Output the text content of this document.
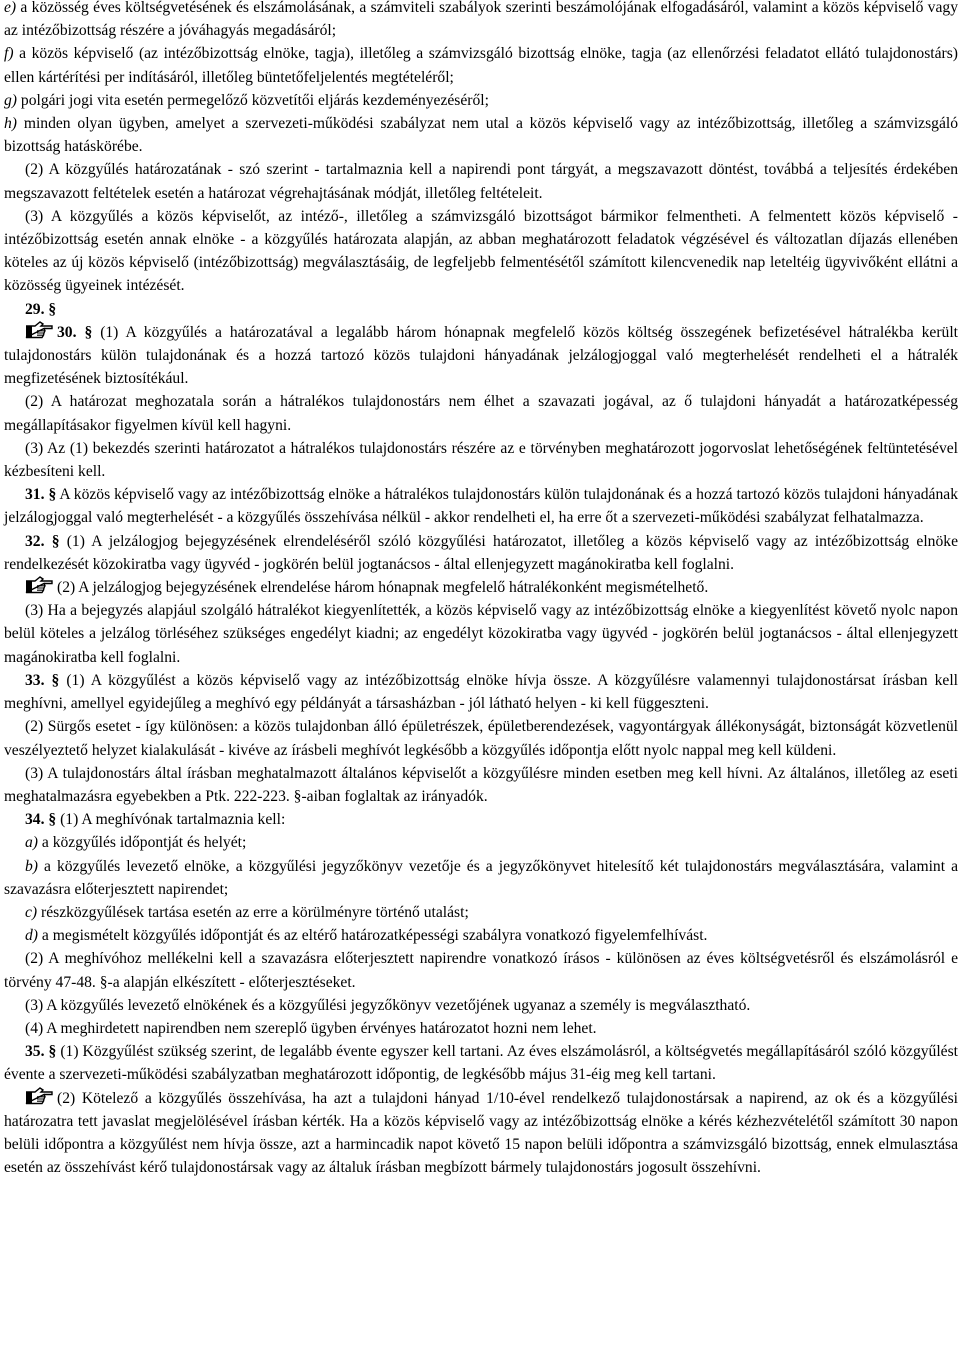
e) a közösség éves költségvetésének és elszámolásának, a számviteli szabályok szerinti beszámolójának elfogadásáról, valamint a közös képviselő vagy az intézőbizottság részére a jóváhagyás megadásáról;

f) a közös képviselő (az intézőbizottság elnöke, tagja), illetőleg a számvizsgáló bizottság elnöke, tagja (az ellenőrzési feladatot ellátó tulajdonostárs) ellen kártérítési per indításáról, illetőleg büntetőfeljelentés megtételéről;

g) polgári jogi vita esetén permegelőző közvetítői eljárás kezdeményezéséről;

h) minden olyan ügyben, amelyet a szervezeti-működési szabályzat nem utal a közös képviselő vagy az intézőbizottság, illetőleg a számvizsgáló bizottság hatáskörébe.

(2) A közgyűlés határozatának - szó szerint - tartalmaznia kell a napirendi pont tárgyát, a megszavazott döntést, továbbá a teljesítés érdekében megszavazott feltételek esetén a határozat végrehajtásának módját, illetőleg feltételeit.

(3) A közgyűlés a közös képviselőt, az intéző-, illetőleg a számvizsgáló bizottságot bármikor felmentheti. A felmentett közös képviselő - intézőbizottság esetén annak elnöke - a közgyűlés határozata alapján, az abban meghatározott feladatok végzésével és változatlan díjazás ellenében köteles az új közös képviselő (intézőbizottság) megválasztásáig, de legfeljebb felmentésétől számított kilencvenedik nap leteltéig ügyvivőként ellátni a közösség ügyeinek intézését.

29. §

30. § (1) A közgyűlés a határozatával a legalább három hónapnak megfelelő közös költség összegének befizetésével hátralékba került tulajdonostárs külön tulajdonának és a hozzá tartozó közös tulajdoni hányadának jelzálogjoggal való megterhelését rendelheti el a hátralék megfizetésének biztosítékául.

(2) A határozat meghozatala során a hátralékos tulajdonostárs nem élhet a szavazati jogával, az ő tulajdoni hányadát a határozatképesség megállapításakor figyelmen kívül kell hagyni.

(3) Az (1) bekezdés szerinti határozatot a hátralékos tulajdonostárs részére az e törvényben meghatározott jogorvoslat lehetőségének feltüntetésével kézbesíteni kell.

31. § A közös képviselő vagy az intézőbizottság elnöke a hátralékos tulajdonostárs külön tulajdonának és a hozzá tartozó közös tulajdoni hányadának jelzálogjoggal való megterhelését - a közgyűlés összehívása nélkül - akkor rendelheti el, ha erre őt a szervezeti-működési szabályzat felhatalmazza.

32. § (1) A jelzálogjog bejegyzésének elrendeléséről szóló közgyűlési határozatot, illetőleg a közös képviselő vagy az intézőbizottság elnöke rendelkezését közokiratba vagy ügyvéd - jogkörén belül jogtanácsos - által ellenjegyzett magánokiratba kell foglalni.

(2) A jelzálogjog bejegyzésének elrendelése három hónapnak megfelelő hátralékonként megismételhető.

(3) Ha a bejegyzés alapjául szolgáló hátralékot kiegyenlítették, a közös képviselő vagy az intézőbizottság elnöke a kiegyenlítést követő nyolc napon belül köteles a jelzálog törléséhez szükséges engedélyt kiadni; az engedélyt közokiratba vagy ügyvéd - jogkörén belül jogtanácsos - által ellenjegyzett magánokiratba kell foglalni.

33. § (1) A közgyűlést a közös képviselő vagy az intézőbizottság elnöke hívja össze. A közgyűlésre valamennyi tulajdonostársat írásban kell meghívni, amellyel egyidejűleg a meghívó egy példányát a társasházban - jól látható helyen - ki kell függeszteni.

(2) Sürgős esetet - így különösen: a közös tulajdonban álló épületrészek, épületberendezések, vagyontárgyak állékonyságát, biztonságát közvetlenül veszélyeztető helyzet kialakulását - kivéve az írásbeli meghívót legkésőbb a közgyűlés időpontja előtt nyolc nappal meg kell küldeni.

(3) A tulajdonostárs által írásban meghatalmazott általános képviselőt a közgyűlésre minden esetben meg kell hívni. Az általános, illetőleg az eseti meghatalmazásra egyebekben a Ptk. 222-223. §-aiban foglaltak az irányadók.

34. § (1) A meghívónak tartalmaznia kell:

a) a közgyűlés időpontját és helyét;

b) a közgyűlés levezető elnöke, a közgyűlési jegyzőkönyv vezetője és a jegyzőkönyvet hitelesítő két tulajdonostárs megválasztására, valamint a szavazásra előterjesztett napirendet;

c) részközgyűlések tartása esetén az erre a körülményre történő utalást;

d) a megismételt közgyűlés időpontját és az eltérő határozatképességi szabályra vonatkozó figyelemfelhívást.

(2) A meghívóhoz mellékelni kell a szavazásra előterjesztett napirendre vonatkozó írásos - különösen az éves költségvetésről és elszámolásról e törvény 47-48. §-a alapján elkészített - előterjesztéseket.

(3) A közgyűlés levezető elnökének és a közgyűlési jegyzőkönyv vezetőjének ugyanaz a személy is megválasztható.

(4) A meghirdetett napirendben nem szereplő ügyben érvényes határozatot hozni nem lehet.

35. § (1) Közgyűlést szükség szerint, de legalább évente egyszer kell tartani. Az éves elszámolásról, a költségvetés megállapításáról szóló közgyűlést évente a szervezeti-működési szabályzatban meghatározott időpontig, de legkésőbb május 31-éig meg kell tartani.

(2) Kötelező a közgyűlés összehívása, ha azt a tulajdoni hányad 1/10-ével rendelkező tulajdonostársak a napirend, az ok és a közgyűlési határozatra tett javaslat megjelölésével írásban kérték. Ha a közös képviselő vagy az intézőbizottság elnöke a kérés kézhezvételétől számított 30 napon belüli időpontra a közgyűlést nem hívja össze, azt a harmincadik napot követő 15 napon belüli időpontra a számvizsgáló bizottság, ennek elmulasztása esetén az összehívást kérő tulajdonostársak vagy az általuk írásban megbízott bármely tulajdonostárs jogosult összehívni.
